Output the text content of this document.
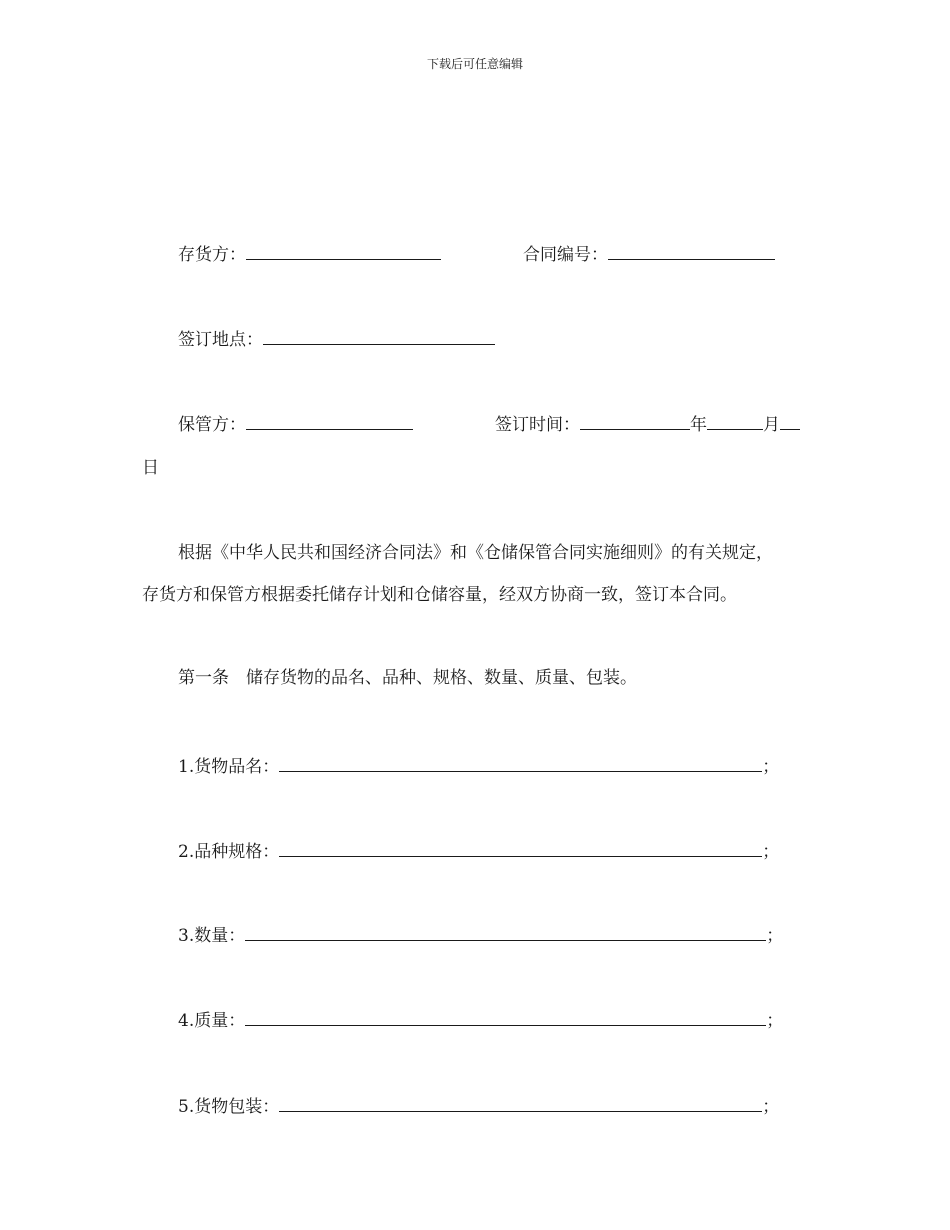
下载后可任意编辑
存货方：	合同编号：
签订地点：
保管方：	签订时间：	年	月
日
根据《中华人民共和国经济合同法》和《仓储保管合同实施细则》的有关规定，
存货方和保管方根据委托储存计划和仓储容量，经双方协商一致，签订本合同。
第一条　储存货物的品名、品种、规格、数量、质量、包装。
1.货物品名：	；
2.品种规格：	；
3.数量：	；
4.质量：	；
5.货物包装：	；
